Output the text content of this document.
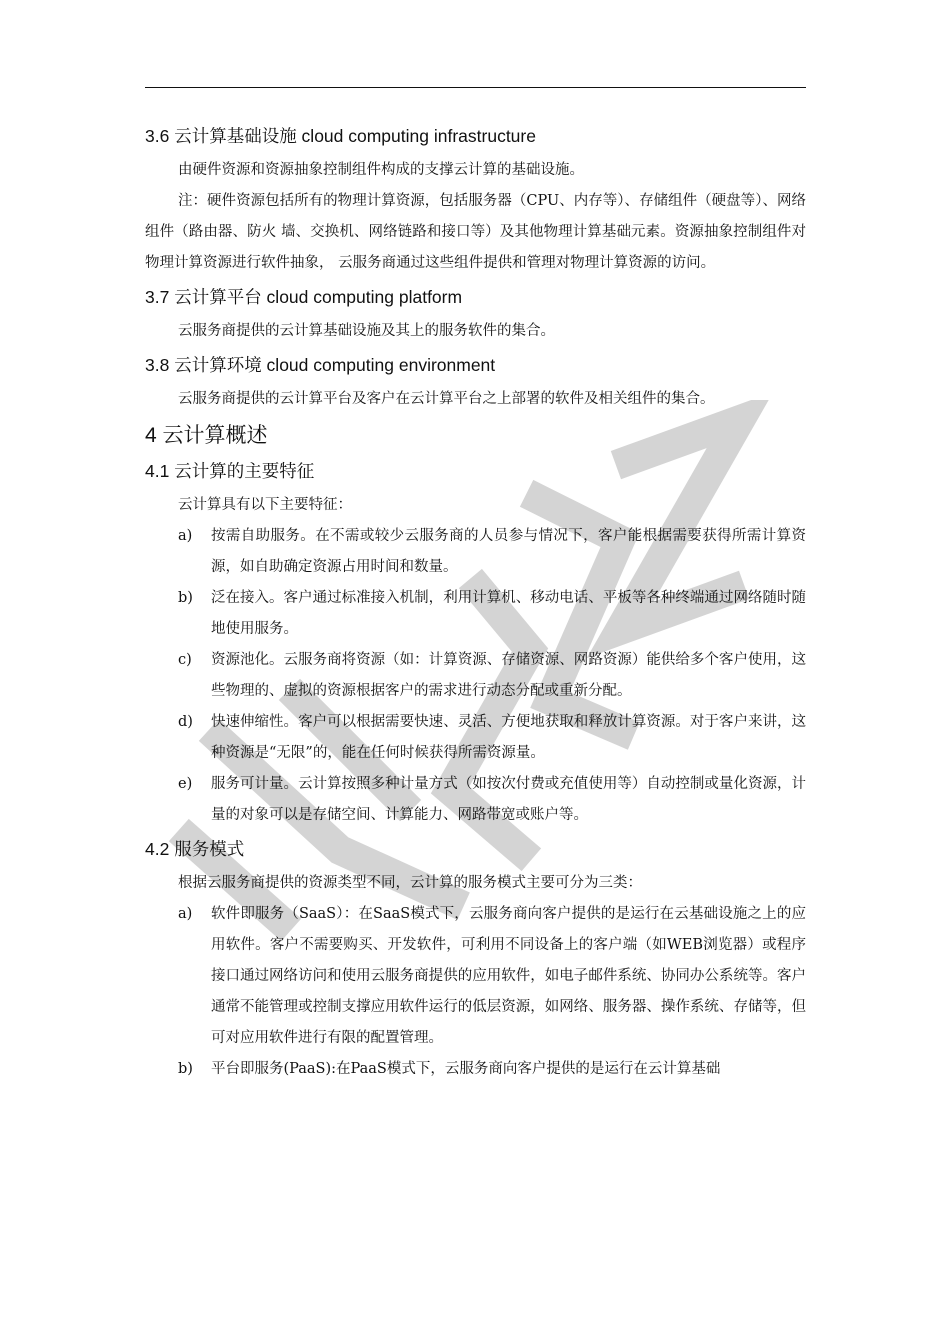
3.6 云计算基础设施 cloud computing infrastructure

由硬件资源和资源抽象控制组件构成的支撑云计算的基础设施。

注：硬件资源包括所有的物理计算资源，包括服务器（CPU、内存等）、存储组件（硬盘等）、网络组件（路由器、防火 墙、交换机、网络链路和接口等）及其他物理计算基础元素。资源抽象控制组件对物理计算资源进行软件抽象， 云服务商通过这些组件提供和管理对物理计算资源的访问。

3.7 云计算平台 cloud computing platform

云服务商提供的云计算基础设施及其上的服务软件的集合。

3.8 云计算环境 cloud computing environment

云服务商提供的云计算平台及客户在云计算平台之上部署的软件及相关组件的集合。

4 云计算概述
4.1 云计算的主要特征

云计算具有以下主要特征：

a)	按需自助服务。在不需或较少云服务商的人员参与情况下，客户能根据需要获得所需计算资源，如自助确定资源占用时间和数量。
b)	泛在接入。客户通过标准接入机制，利用计算机、移动电话、平板等各种终端通过网络随时随地使用服务。
c)	资源池化。云服务商将资源（如：计算资源、存储资源、网路资源）能供给多个客户使用，这些物理的、虚拟的资源根据客户的需求进行动态分配或重新分配。
d)	快速伸缩性。客户可以根据需要快速、灵活、方便地获取和释放计算资源。对于客户来讲，这种资源是“无限”的，能在任何时候获得所需资源量。
e)	服务可计量。云计算按照多种计量方式（如按次付费或充值使用等）自动控制或量化资源，计量的对象可以是存储空间、计算能力、网路带宽或账户等。
4.2 服务模式

根据云服务商提供的资源类型不同，云计算的服务模式主要可分为三类：

a)	软件即服务（SaaS）：在SaaS模式下，云服务商向客户提供的是运行在云基础设施之上的应用软件。客户不需要购买、开发软件，可利用不同设备上的客户端（如WEB浏览器）或程序接口通过网络访问和使用云服务商提供的应用软件，如电子邮件系统、协同办公系统等。客户通常不能管理或控制支撑应用软件运行的低层资源，如网络、服务器、操作系统、存储等，但可对应用软件进行有限的配置管理。
b)	平台即服务(PaaS):在PaaS模式下，云服务商向客户提供的是运行在云计算基础
